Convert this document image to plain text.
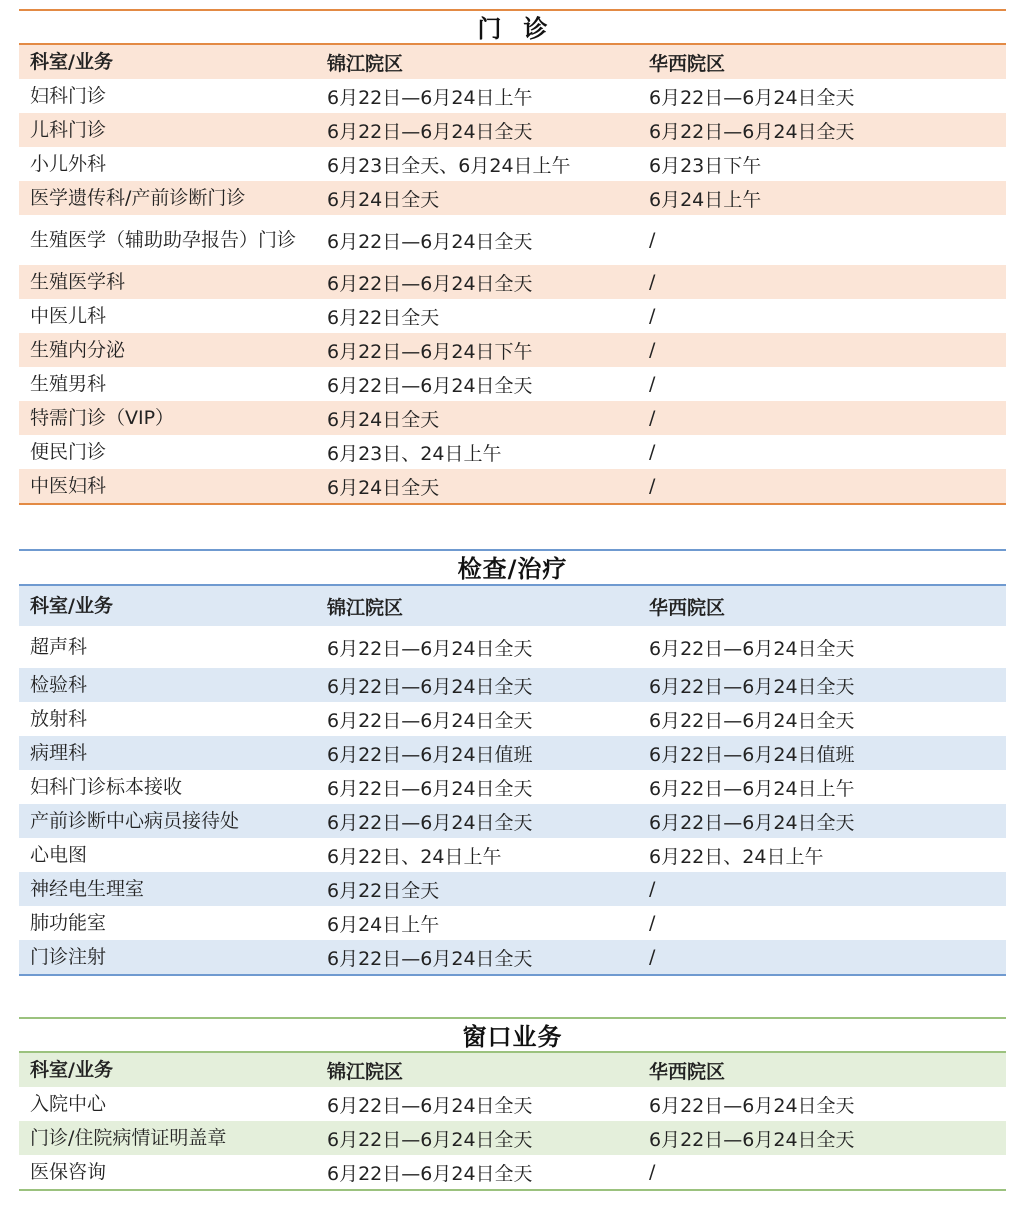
门诊
科室/业务	锦江院区	华西院区
妇科门诊	6月22日—6月24日上午	6月22日—6月24日全天
儿科门诊	6月22日—6月24日全天	6月22日—6月24日全天
小儿外科	6月23日全天、6月24日上午	6月23日下午
医学遗传科/产前诊断门诊	6月24日全天	6月24日上午
生殖医学（辅助助孕报告）门诊	6月22日—6月24日全天	/
生殖医学科	6月22日—6月24日全天	/
中医儿科	6月22日全天	/
生殖内分泌	6月22日—6月24日下午	/
生殖男科	6月22日—6月24日全天	/
特需门诊（VIP）	6月24日全天	/
便民门诊	6月23日、24日上午	/
中医妇科	6月24日全天	/
检查/治疗
科室/业务	锦江院区	华西院区
超声科	6月22日—6月24日全天	6月22日—6月24日全天
检验科	6月22日—6月24日全天	6月22日—6月24日全天
放射科	6月22日—6月24日全天	6月22日—6月24日全天
病理科	6月22日—6月24日值班	6月22日—6月24日值班
妇科门诊标本接收	6月22日—6月24日全天	6月22日—6月24日上午
产前诊断中心病员接待处	6月22日—6月24日全天	6月22日—6月24日全天
心电图	6月22日、24日上午	6月22日、24日上午
神经电生理室	6月22日全天	/
肺功能室	6月24日上午	/
门诊注射	6月22日—6月24日全天	/
窗口业务
科室/业务	锦江院区	华西院区
入院中心	6月22日—6月24日全天	6月22日—6月24日全天
门诊/住院病情证明盖章	6月22日—6月24日全天	6月22日—6月24日全天
医保咨询	6月22日—6月24日全天	/
